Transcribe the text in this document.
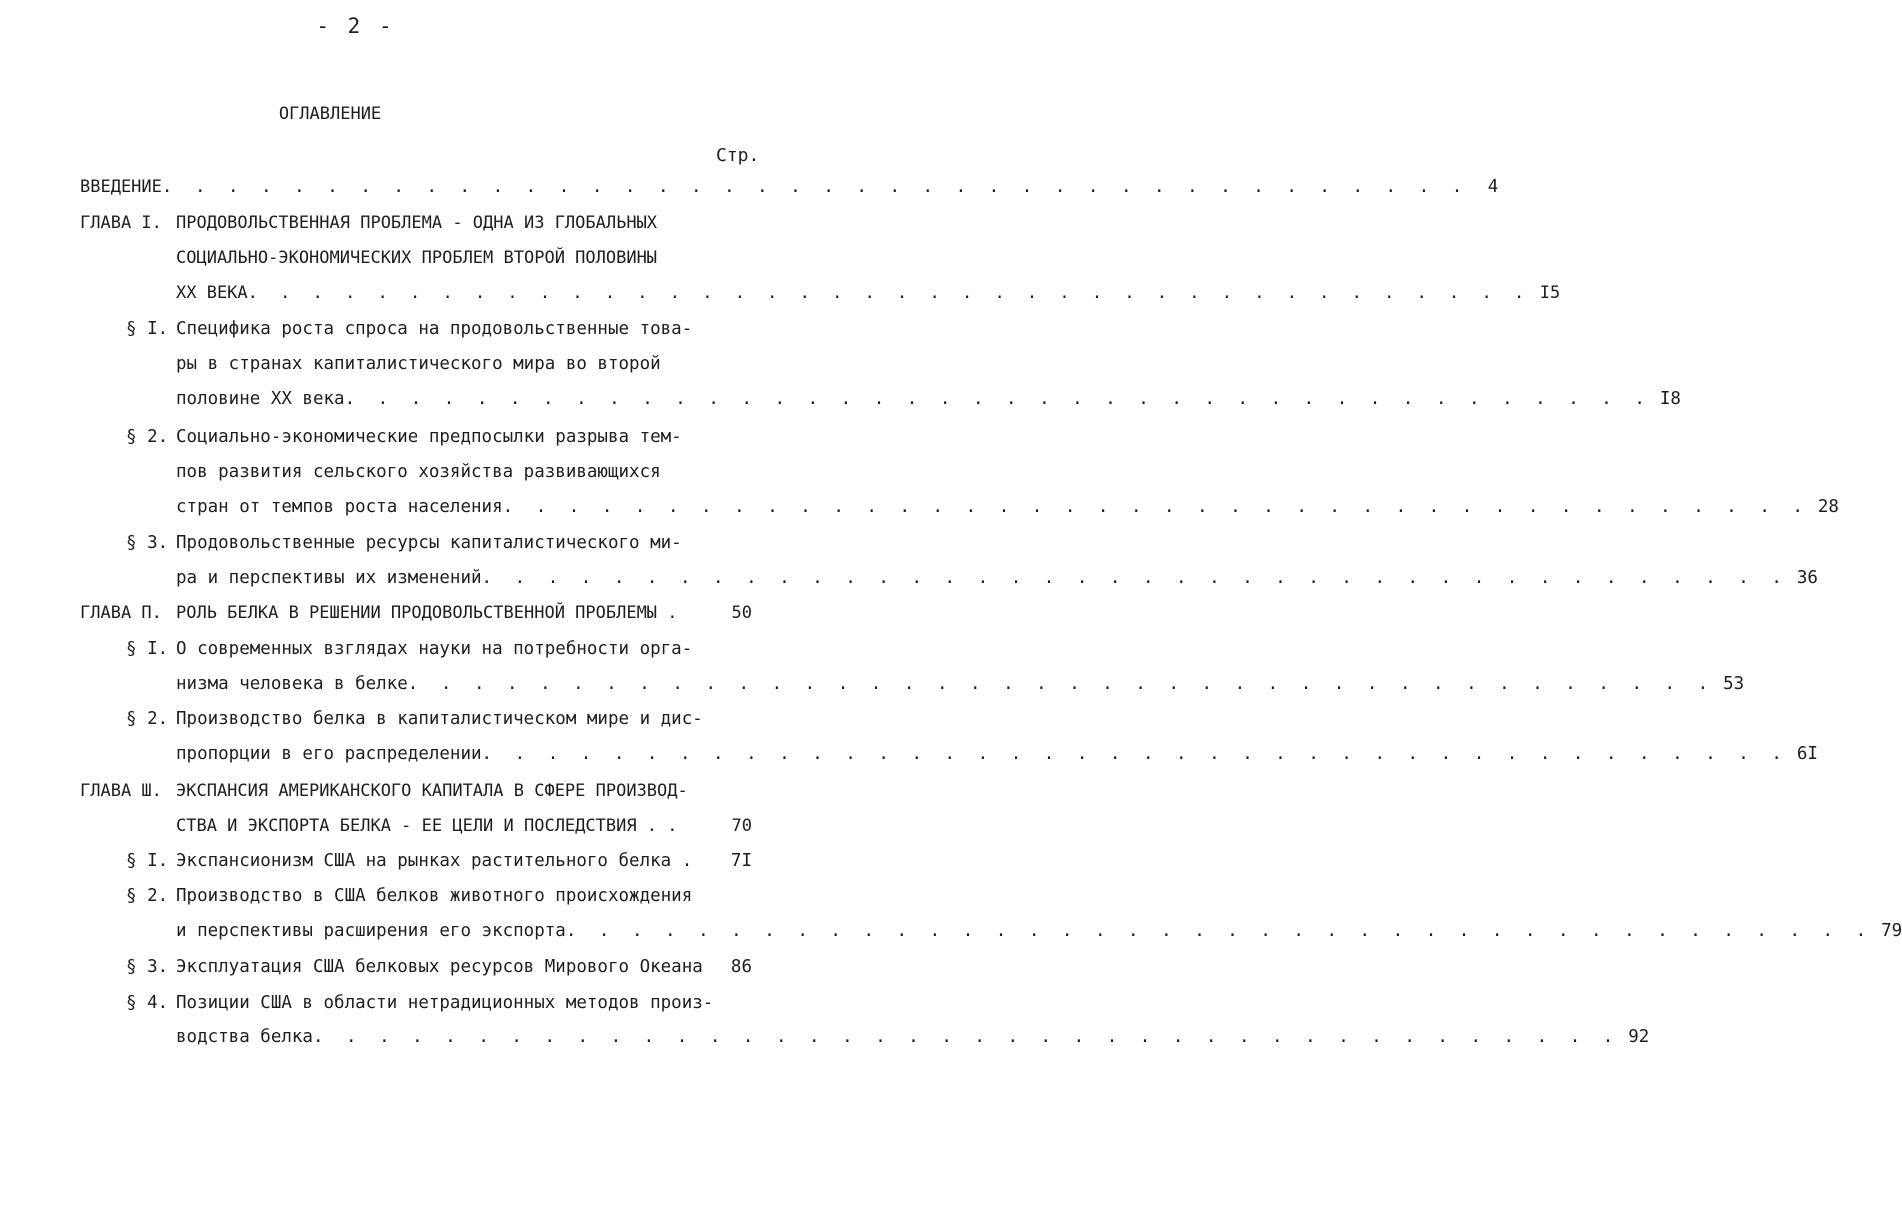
- 2 -
ОГЛАВЛЕНИЕ
Стр.
ВВЕДЕНИЕ . . . . . . . . . . . . . . . . . . . . . . . . . . . . . . . . . . . . . . . .	4
ГЛАВА I. ПРОДОВОЛЬСТВЕННАЯ ПРОБЛЕМА - ОДНА ИЗ ГЛОБАЛЬНЫХ
СОЦИАЛЬНО-ЭКОНОМИЧЕСКИХ ПРОБЛЕМ ВТОРОЙ ПОЛОВИНЫ
XX ВЕКА . . . . . . . . . . . . . . . . . . . . . . . . . . . . . . . . . . . . . . . . I5
§ I. Специфика роста спроса на продовольственные това-
ры в странах капиталистического мира во второй
половине XX века . . . . . . . . . . . . . . . . . . . . . . . . . . . . . . . . . . . . . . . . I8
§ 2. Социально-экономические предпосылки разрыва тем-
пов развития сельского хозяйства развивающихся
стран от темпов роста населения . . . . . . . . . . . . . . . . . . . . . . . . . . . . . . . . . . . . . . . . 28
§ 3. Продовольственные ресурсы капиталистического ми-
ра и перспективы их изменений . . . . . . . . . . . . . . . . . . . . . . . . . . . . . . . . . . . . . . . . 36
ГЛАВА П. РОЛЬ БЕЛКА В РЕШЕНИИ ПРОДОВОЛЬСТВЕННОЙ ПРОБЛЕМЫ .	50
§ I. О современных взглядах науки на потребности орга-
низма человека в белке . . . . . . . . . . . . . . . . . . . . . . . . . . . . . . . . . . . . . . . . 53
§ 2. Производство белка в капиталистическом мире и дис-
пропорции в его распределении . . . . . . . . . . . . . . . . . . . . . . . . . . . . . . . . . . . . . . . . 6I
ГЛАВА Ш. ЭКСПАНСИЯ АМЕРИКАНСКОГО КАПИТАЛА В СФЕРЕ ПРОИЗВОД-
СТВА И ЭКСПОРТА БЕЛКА - ЕЕ ЦЕЛИ И ПОСЛЕДСТВИЯ . .	70
§ I. Экспансионизм США на рынках растительного белка . 7I
§ 2. Производство в США белков животного происхождения
и перспективы расширения его экспорта . . . . . . . . . . . . . . . . . . . . . . . . . . . . . . . . . . . . . . . . 79
§ 3. Эксплуатация США белковых ресурсов Мирового Океана 86
§ 4. Позиции США в области нетрадиционных методов произ-
водства белка . . . . . . . . . . . . . . . . . . . . . . . . . . . . . . . . . . . . . . . . 92
